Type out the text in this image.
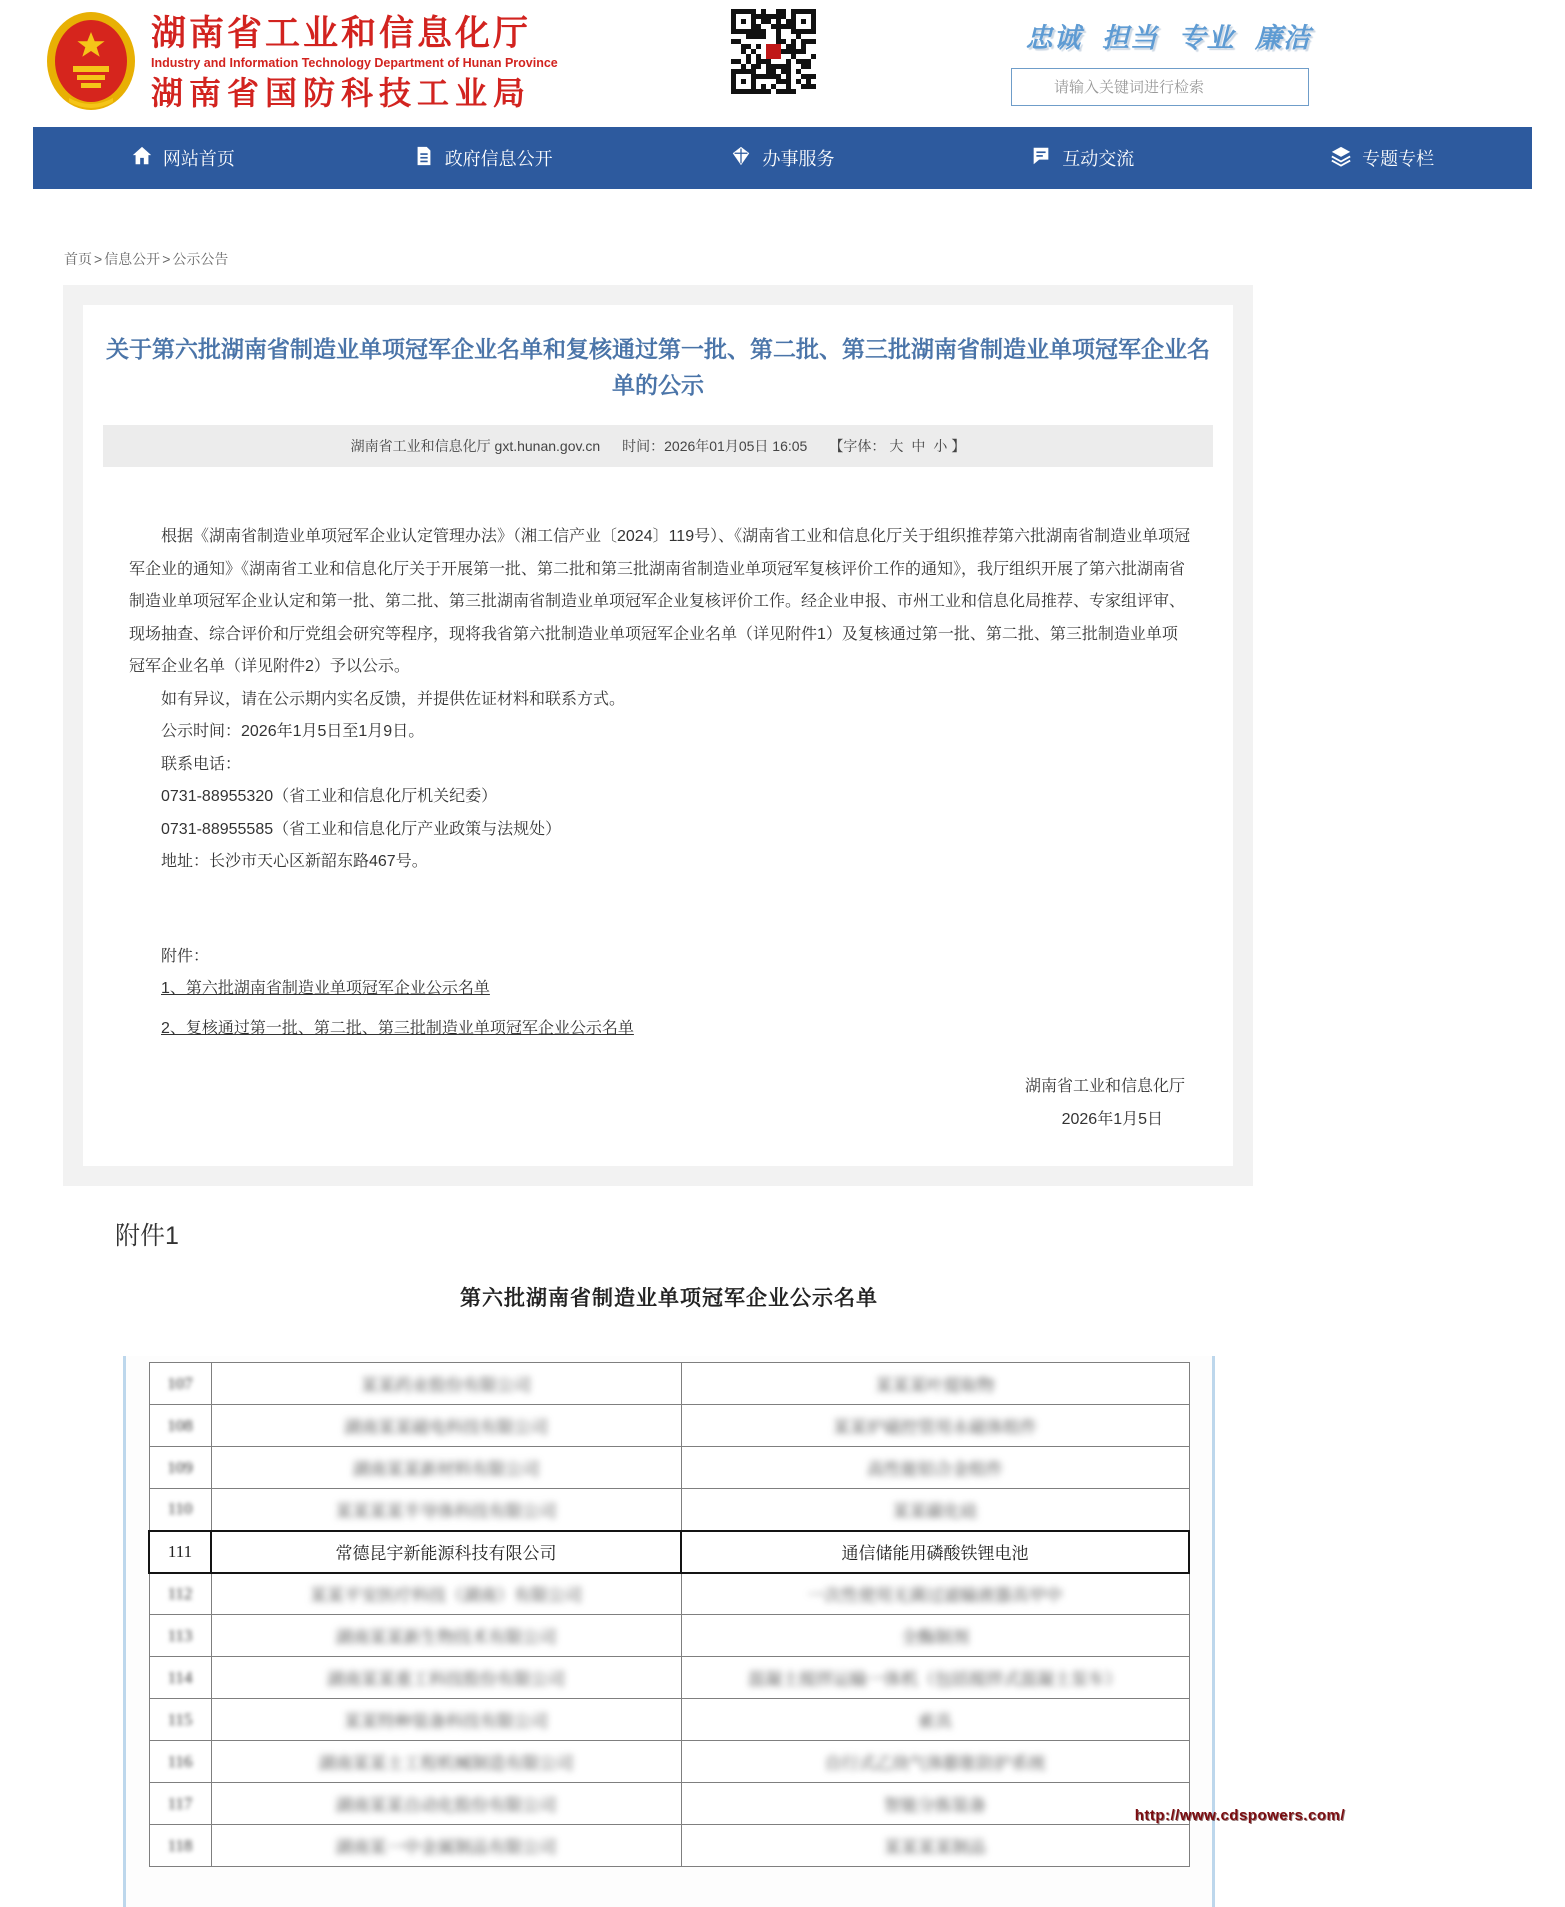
湖南省工业和信息化厅
Industry and Information Technology Department of Hunan Province
湖南省国防科技工业局
忠诚 担当 专业 廉洁
请输入关键词进行检索
网站首页	政府信息公开	办事服务	互动交流	专题专栏
首页 > 信息公开 > 公示公告
关于第六批湖南省制造业单项冠军企业名单和复核通过第一批、第二批、第三批湖南省制造业单项冠军企业名单的公示
湖南省工业和信息化厅 gxt.hunan.gov.cn 时间：2026年01月05日 16:05 【字体： 大 中 小 】

根据《湖南省制造业单项冠军企业认定管理办法》（湘工信产业〔2024〕119号）、《湖南省工业和信息化厅关于组织推荐第六批湖南省制造业单项冠军企业的通知》《湖南省工业和信息化厅关于开展第一批、第二批和第三批湖南省制造业单项冠军复核评价工作的通知》，我厅组织开展了第六批湖南省制造业单项冠军企业认定和第一批、第二批、第三批湖南省制造业单项冠军企业复核评价工作。经企业申报、市州工业和信息化局推荐、专家组评审、现场抽查、综合评价和厅党组会研究等程序，现将我省第六批制造业单项冠军企业名单（详见附件1）及复核通过第一批、第二批、第三批制造业单项冠军企业名单（详见附件2）予以公示。

如有异议，请在公示期内实名反馈，并提供佐证材料和联系方式。

公示时间：2026年1月5日至1月9日。

联系电话：

0731-88955320（省工业和信息化厅机关纪委）

0731-88955585（省工业和信息化厅产业政策与法规处）

地址：长沙市天心区新韶东路467号。

附件：
1、第六批湖南省制造业单项冠军企业公示名单
2、复核通过第一批、第二批、第三批制造业单项冠军企业公示名单
湖南省工业和信息化厅
2026年1月5日
附件1
第六批湖南省制造业单项冠军企业公示名单
107	某某药业股份有限公司	某某某叶提取物
108	湖南某某磁电科技有限公司	某某炉磁控管用永磁体组件
109	湖南某某新材料有限公司	高性能铝合金组件
110	某某某某半导体科技有限公司	某某碳化硅
111	常德昆宇新能源科技有限公司	通信储能用磷酸铁锂电池
112	某某平安医疗科技（湖南）有限公司	一次性使用无菌过滤输液器具甲中
113	湖南某某新生物技术有限公司	全酶制剂
114	湖南某某重工科技股份有限公司	混凝土搅拌运输一体机（包括搅拌式混凝土泵车）
115	某某特种装备科技有限公司	索具
116	湖南某某士工程机械制造有限公司	自行式乙炔气体膨胀防护系统
117	湖南某某自动化股份有限公司	智能分拣装备
118	湖南某一中金属制品有限公司	某某某某制品
http://www.cdspowers.com/
